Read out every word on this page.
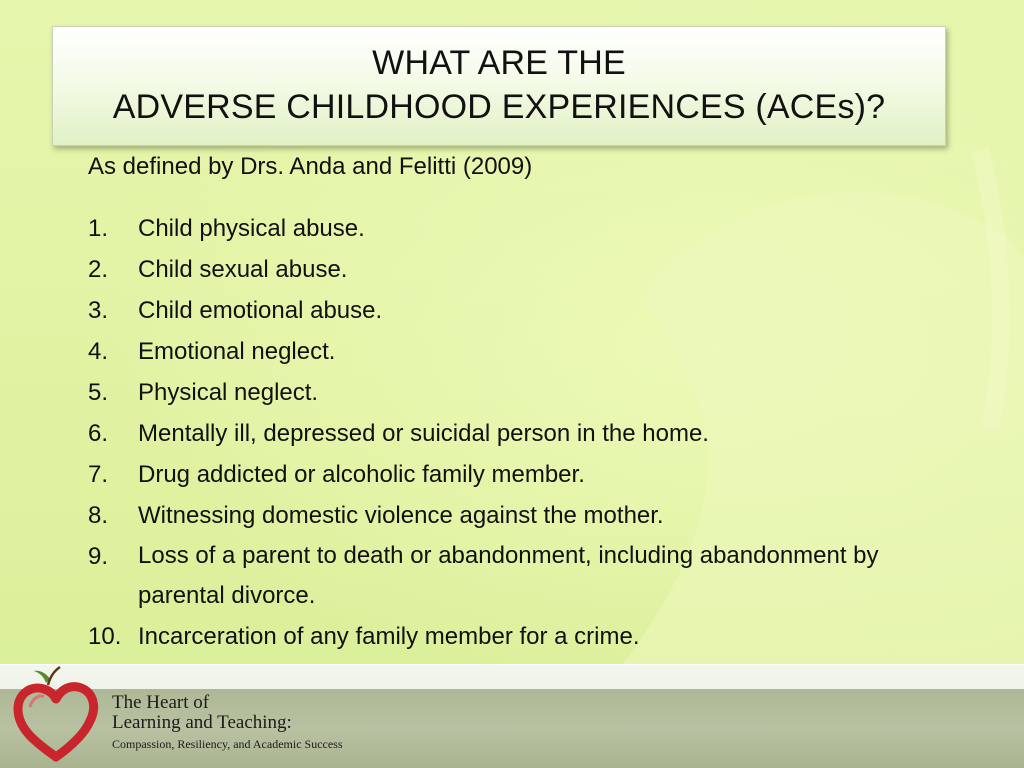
WHAT ARE THE
ADVERSE CHILDHOOD EXPERIENCES (ACEs)?

As defined by Drs. Anda and Felitti (2009)

1.	Child physical abuse.
2.	Child sexual abuse.
3.	Child emotional abuse.
4.	Emotional neglect.
5.	Physical neglect.
6.	Mentally ill, depressed or suicidal person in the home.
7.	Drug addicted or alcoholic family member.
8.	Witnessing domestic violence against the mother.
9.	Loss of a parent to death or abandonment, including abandonment by parental divorce.
10. Incarceration of any family member for a crime.
The Heart of
Learning and Teaching:
Compassion, Resiliency, and Academic Success
